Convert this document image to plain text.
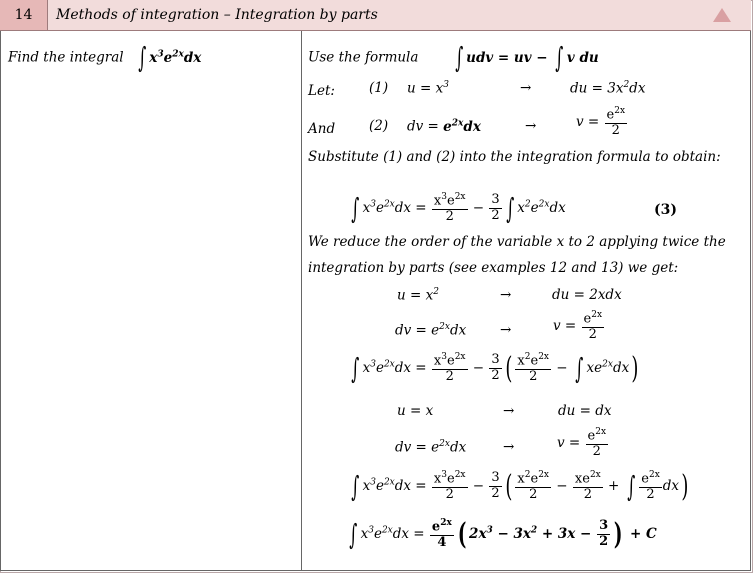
14	Methods of integration – Integration by parts
Find the integral ∫ $x^3e^{2x}dx$	Use the formula ∫ udv = uv − ∫ v du
Let:	(1) $u = x^3$	→	du = $3x^2dx$
And	(2) dv = $e^{2x}dx$	→	$v = \frac{e^{2x}}{2}$
Substitute (1) and (2) into the integration formula to obtain:
∫ $x^3e^{2x}dx = \frac{x^3e^{2x}}{2} - \frac{3}{2}$ ∫ $x^2e^{2x}dx$	(3)
We reduce the order of the variable x to 2 applying twice the
integration by parts (see examples 12 and 13) we get:
$u = x^2$	→	du = 2xdx
dv = $e^{2x}dx$	→	$v = \frac{e^{2x}}{2}$
∫ $x^3e^{2x}dx = \frac{x^3e^{2x}}{2} - \frac{3}{2}$ ( $\frac{x^2e^{2x}}{2}$ − ∫ $xe^{2x}dx$)
u = x	→	du = dx
dv = $e^{2x}dx$	→	$v = \frac{e^{2x}}{2}$
∫ $x^3e^{2x}dx = \frac{x^3e^{2x}}{2} - \frac{3}{2}$ ( $\frac{x^2e^{2x}}{2} - \frac{xe^{2x}}{2}$ + ∫ $\frac{e^{2x}}{2} dx$)
∫ $x^3e^{2x}dx = \frac{e^{2x}}{4}$ ( $2x^3 - 3x^2 + 3x - \frac{3}{2}$ ) + C
